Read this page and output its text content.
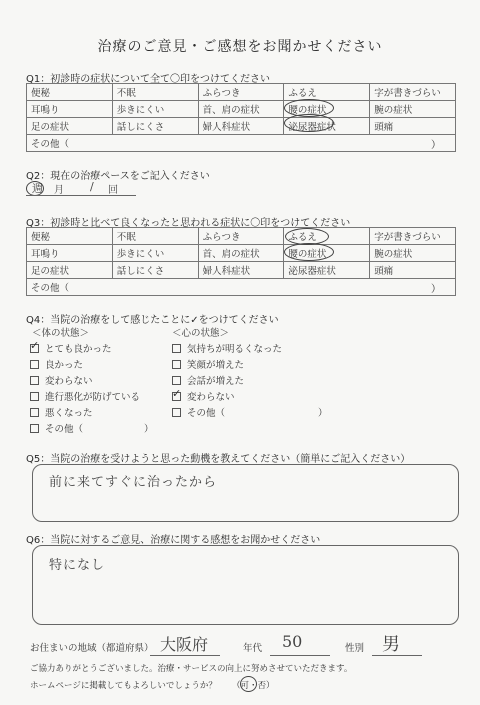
治療のご意見・ご感想をお聞かせください
Q1：初診時の症状について全て〇印をつけてください
便秘	不眠	ふらつき	ふるえ	字が書きづらい
耳鳴り	歩きにくい	首、肩の症状	腰の症状	腕の症状
足の症状	話しにくさ	婦人科症状	泌尿器症状	頭痛
その他（ ）				
Q2：現在の治療ペースをご記入ください
週 月 / 回
Q3：初診時と比べて良くなったと思われる症状に〇印をつけてください
便秘	不眠	ふらつき	ふるえ	字が書きづらい
耳鳴り	歩きにくい	首、肩の症状	腰の症状	腕の症状
足の症状	話しにくさ	婦人科症状	泌尿器症状	頭痛
その他（ ）				
Q4：当院の治療をして感じたことに✓をつけてください
＜体の状態＞	＜心の状態＞
✓ とても良かった
良かった
変わらない
進行悪化が防げている
悪くなった
その他（	）
気持ちが明るくなった
笑顔が増えた
会話が増えた
✓ 変わらない
その他（	）
Q5：当院の治療を受けようと思った動機を教えてください（簡単にご記入ください）
前に来てすぐに治ったから
Q6：当院に対するご意見、治療に関する感想をお聞かせください
特になし
お住まいの地域（都道府県） 大阪府	年代 50	性別 男
ご協力ありがとうございました。治療・サービスの向上に努めさせていただきます。
ホームページに掲載してもよろしいでしょうか？ （可・否）
